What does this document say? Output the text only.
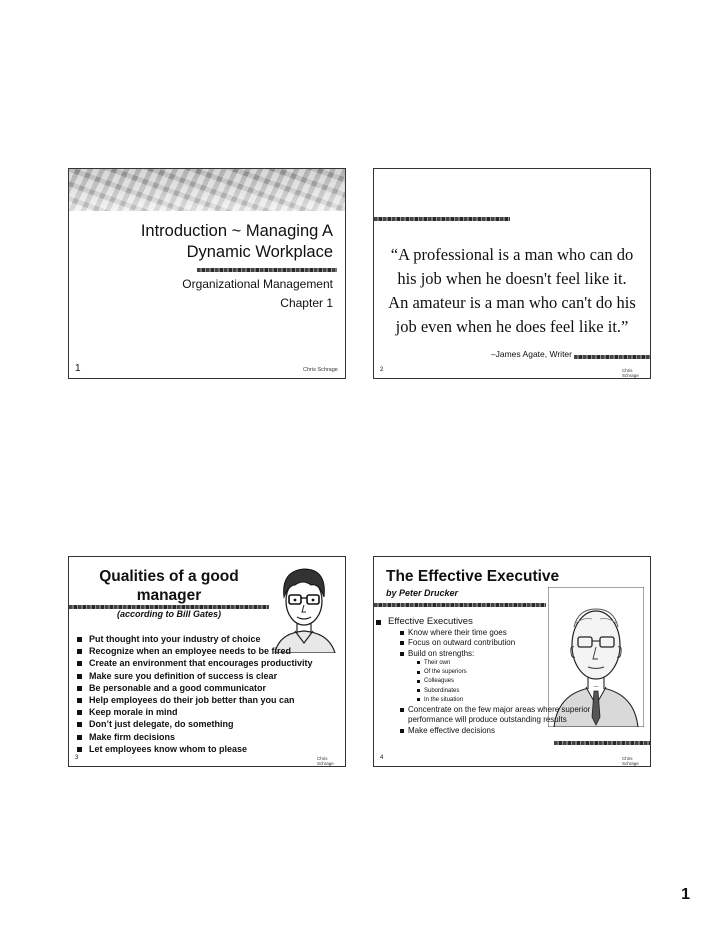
Introduction ~ Managing A
Dynamic Workplace
Organizational Management
Chapter 1
1	Chris Schrage
“A professional is a man who can do
his job when he doesn't feel like it.
An amateur is a man who can't do his
job even when he does feel like it.”
–James Agate, Writer
2	Chris Schrage
Qualities of a good
manager
(according to Bill Gates)
Put thought into your industry of choice
Recognize when an employee needs to be fired
Create an environment that encourages productivity
Make sure you definition of success is clear
Be personable and a good communicator
Help employees do their job better than you can
Keep morale in mind
Don’t just delegate, do something
Make firm decisions
Let employees know whom to please
3	Chris Schrage
The Effective Executive
by Peter Drucker
Effective Executives
Know where their time goes
Focus on outward contribution
Build on strengths:
Their own
Of the superiors
Colleagues
Subordinates
In the situation
Concentrate on the few major areas where superior
performance will produce outstanding results
Make effective decisions
4	Chris Schrage
1
